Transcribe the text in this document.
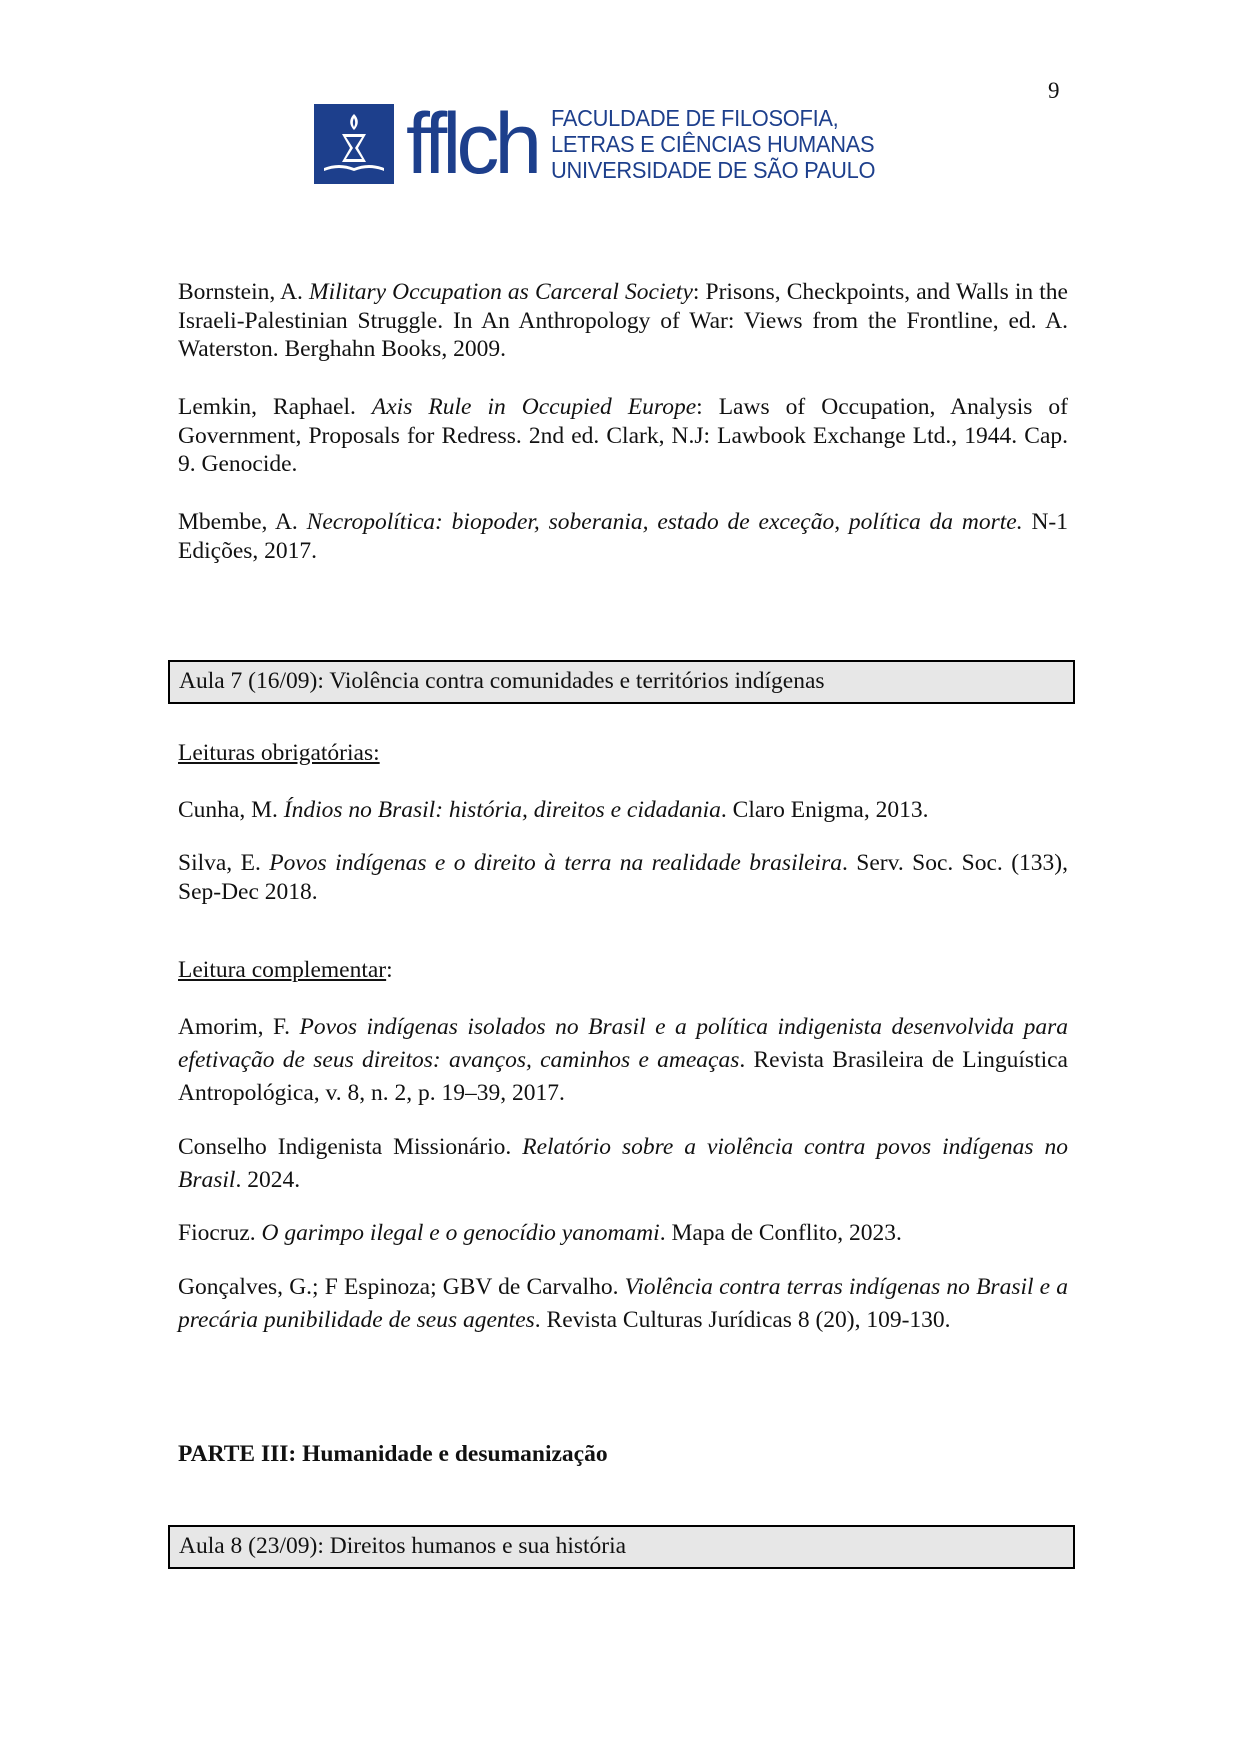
9
fflch FACULDADE DE FILOSOFIA,
LETRAS E CIÊNCIAS HUMANAS
UNIVERSIDADE DE SÃO PAULO
Bornstein, A. Military Occupation as Carceral Society: Prisons, Checkpoints, and Walls in the Israeli-Palestinian Struggle. In An Anthropology of War: Views from the Frontline, ed. A. Waterston. Berghahn Books, 2009.
Lemkin, Raphael. Axis Rule in Occupied Europe: Laws of Occupation, Analysis of Government, Proposals for Redress. 2nd ed. Clark, N.J: Lawbook Exchange Ltd., 1944. Cap. 9. Genocide.
Mbembe, A. Necropolítica: biopoder, soberania, estado de exceção, política da morte. N-1 Edições, 2017.
Leituras obrigatórias:
Cunha, M. Índios no Brasil: história, direitos e cidadania. Claro Enigma, 2013.
Silva, E. Povos indígenas e o direito à terra na realidade brasileira. Serv. Soc. Soc. (133), Sep-Dec 2018.
Leitura complementar:
Amorim, F. Povos indígenas isolados no Brasil e a política indigenista desenvolvida para efetivação de seus direitos: avanços, caminhos e ameaças. Revista Brasileira de Linguística Antropológica, v. 8, n. 2, p. 19–39, 2017.
Conselho Indigenista Missionário. Relatório sobre a violência contra povos indígenas no Brasil. 2024.
Fiocruz. O garimpo ilegal e o genocídio yanomami. Mapa de Conflito, 2023.
Gonçalves, G.; F Espinoza; GBV de Carvalho. Violência contra terras indígenas no Brasil e a precária punibilidade de seus agentes. Revista Culturas Jurídicas 8 (20), 109-130.
PARTE III: Humanidade e desumanização
Aula 7 (16/09): Violência contra comunidades e territórios indígenas
Aula 8 (23/09): Direitos humanos e sua história
